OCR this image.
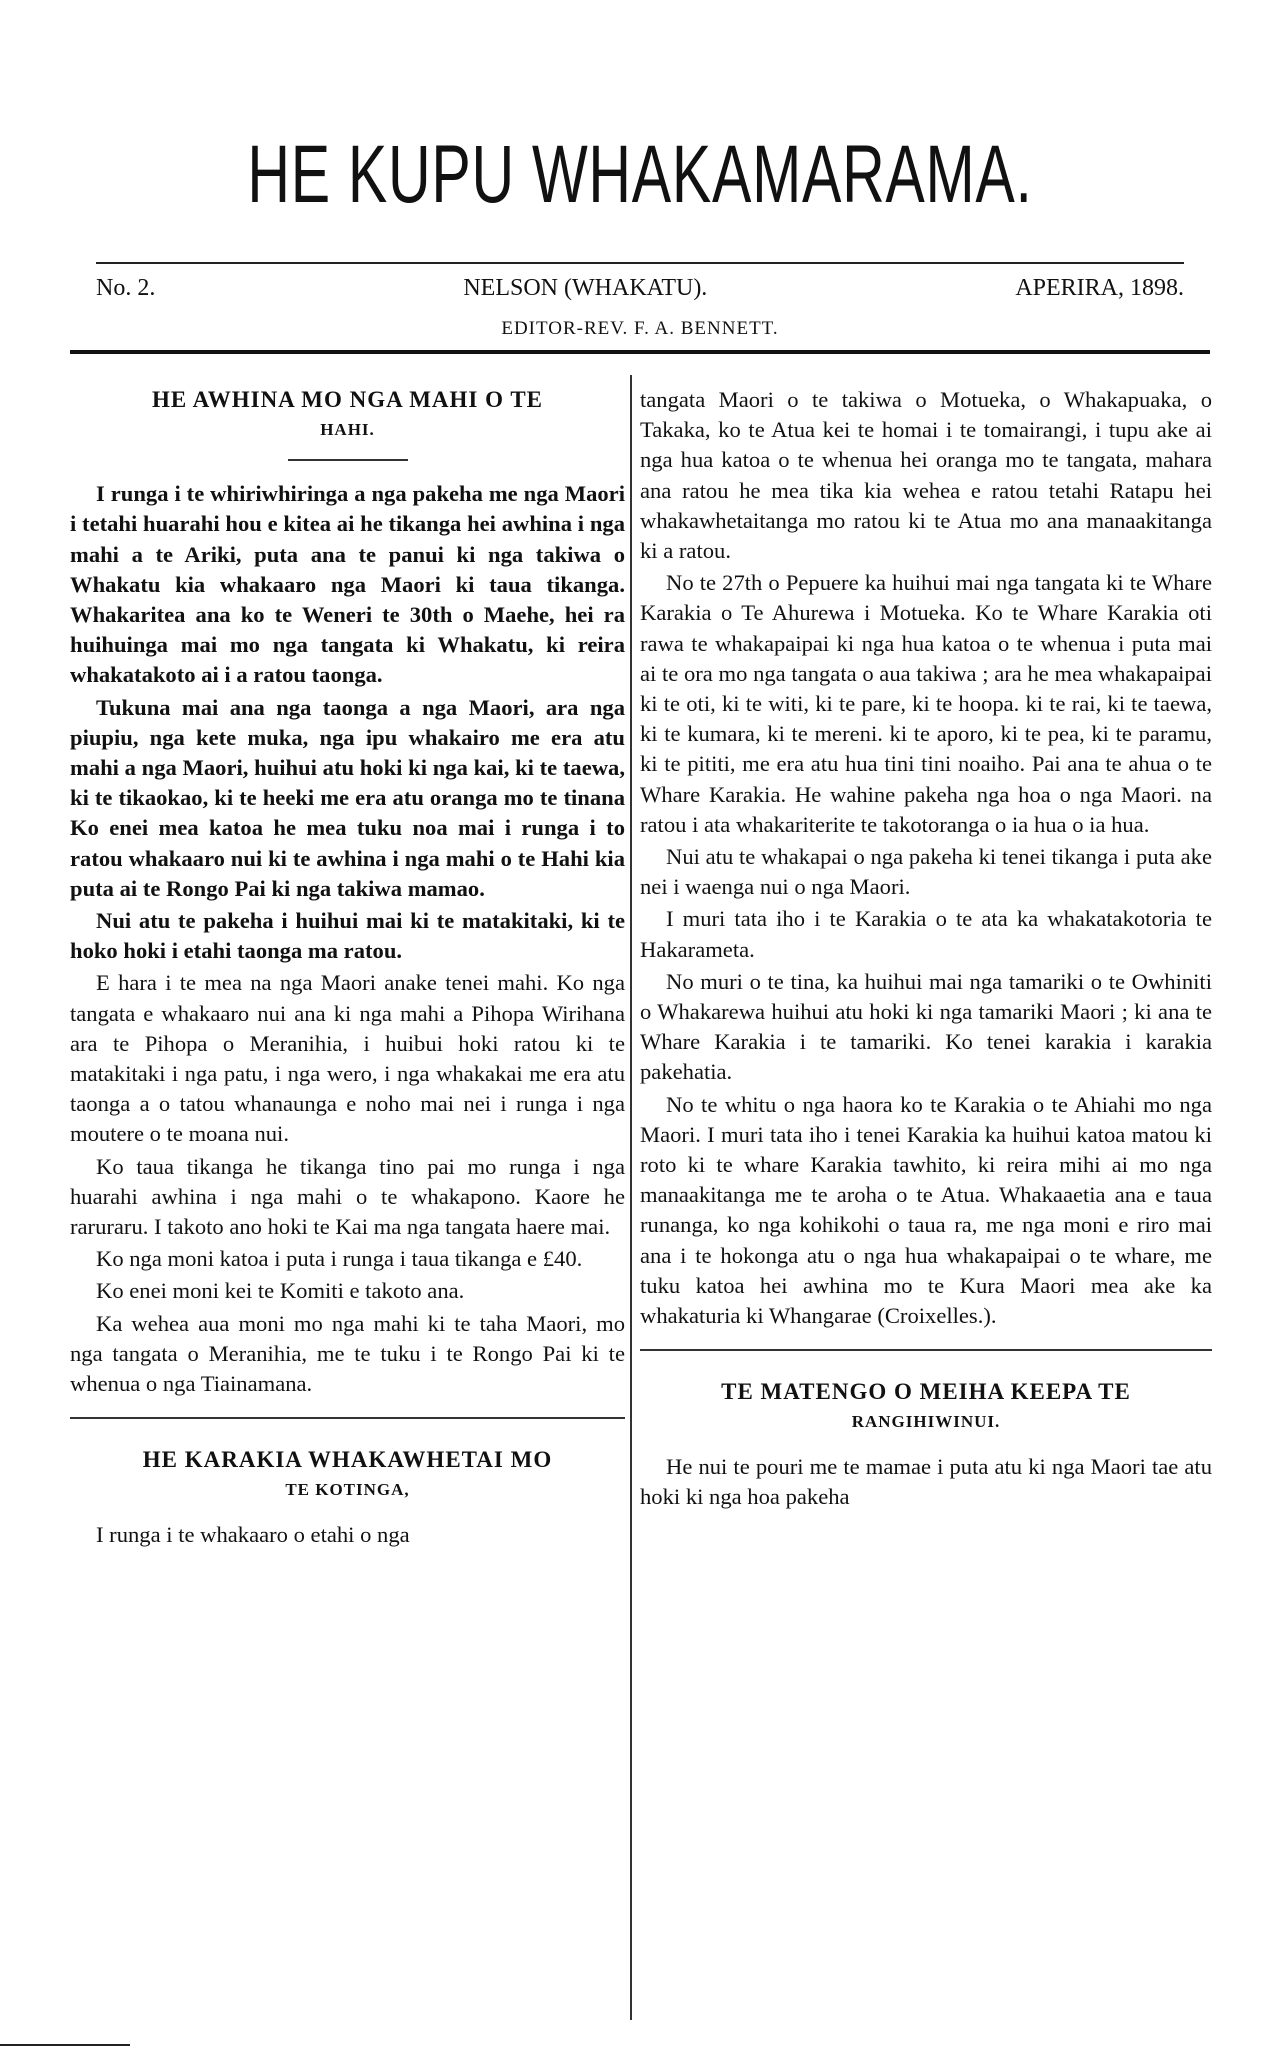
HE KUPU WHAKAMARAMA.
No. 2.	NELSON (WHAKATU).	APERIRA, 1898.
EDITOR-REV. F. A. BENNETT.
HE AWHINA MO NGA MAHI O TE
HAHI.

I runga i te whiriwhiringa a nga pakeha me nga Maori i tetahi huarahi hou e kitea ai he tikanga hei awhina i nga mahi a te Ariki, puta ana te panui ki nga takiwa o Whakatu kia whakaaro nga Maori ki taua tikanga. Whakaritea ana ko te Weneri te 30th o Maehe, hei ra huihuinga mai mo nga tangata ki Whakatu, ki reira whakatakoto ai i a ratou taonga.

Tukuna mai ana nga taonga a nga Maori, ara nga piupiu, nga kete muka, nga ipu whakairo me era atu mahi a nga Maori, huihui atu hoki ki nga kai, ki te taewa, ki te tikaokao, ki te heeki me era atu oranga mo te tinana Ko enei mea katoa he mea tuku noa mai i runga i to ratou whakaaro nui ki te awhina i nga mahi o te Hahi kia puta ai te Rongo Pai ki nga takiwa mamao.

Nui atu te pakeha i huihui mai ki te matakitaki, ki te hoko hoki i etahi taonga ma ratou.

E hara i te mea na nga Maori anake tenei mahi. Ko nga tangata e whakaaro nui ana ki nga mahi a Pihopa Wirihana ara te Pihopa o Meranihia, i huibui hoki ratou ki te matakitaki i nga patu, i nga wero, i nga whakakai me era atu taonga a o tatou whanaunga e noho mai nei i runga i nga moutere o te moana nui.

Ko taua tikanga he tikanga tino pai mo runga i nga huarahi awhina i nga mahi o te whakapono. Kaore he raruraru. I takoto ano hoki te Kai ma nga tangata haere mai.

Ko nga moni katoa i puta i runga i taua tikanga e £40.

Ko enei moni kei te Komiti e takoto ana.

Ka wehea aua moni mo nga mahi ki te taha Maori, mo nga tangata o Meranihia, me te tuku i te Rongo Pai ki te whenua o nga Tiainamana.

HE KARAKIA WHAKAWHETAI MO
TE KOTINGA,

I runga i te whakaaro o etahi o nga

tangata Maori o te takiwa o Motueka, o Whakapuaka, o Takaka, ko te Atua kei te homai i te tomairangi, i tupu ake ai nga hua katoa o te whenua hei oranga mo te tangata, mahara ana ratou he mea tika kia wehea e ratou tetahi Ratapu hei whakawhetaitanga mo ratou ki te Atua mo ana manaakitanga ki a ratou.

No te 27th o Pepuere ka huihui mai nga tangata ki te Whare Karakia o Te Ahurewa i Motueka. Ko te Whare Karakia oti rawa te whakapaipai ki nga hua katoa o te whenua i puta mai ai te ora mo nga tangata o aua takiwa ; ara he mea whakapaipai ki te oti, ki te witi, ki te pare, ki te hoopa. ki te rai, ki te taewa, ki te kumara, ki te mereni. ki te aporo, ki te pea, ki te paramu, ki te pititi, me era atu hua tini tini noaiho. Pai ana te ahua o te Whare Karakia. He wahine pakeha nga hoa o nga Maori. na ratou i ata whakariterite te takotoranga o ia hua o ia hua.

Nui atu te whakapai o nga pakeha ki tenei tikanga i puta ake nei i waenga nui o nga Maori.

I muri tata iho i te Karakia o te ata ka whakatakotoria te Hakarameta.

No muri o te tina, ka huihui mai nga tamariki o te Owhiniti o Whakarewa huihui atu hoki ki nga tamariki Maori ; ki ana te Whare Karakia i te tamariki. Ko tenei karakia i karakia pakehatia.

No te whitu o nga haora ko te Karakia o te Ahiahi mo nga Maori. I muri tata iho i tenei Karakia ka huihui katoa matou ki roto ki te whare Karakia tawhito, ki reira mihi ai mo nga manaakitanga me te aroha o te Atua. Whakaaetia ana e taua runanga, ko nga kohikohi o taua ra, me nga moni e riro mai ana i te hokonga atu o nga hua whakapaipai o te whare, me tuku katoa hei awhina mo te Kura Maori mea ake ka whakaturia ki Whangarae (Croixelles.).

TE MATENGO O MEIHA KEEPA TE
RANGIHIWINUI.

He nui te pouri me te mamae i puta atu ki nga Maori tae atu hoki ki nga hoa pakeha
